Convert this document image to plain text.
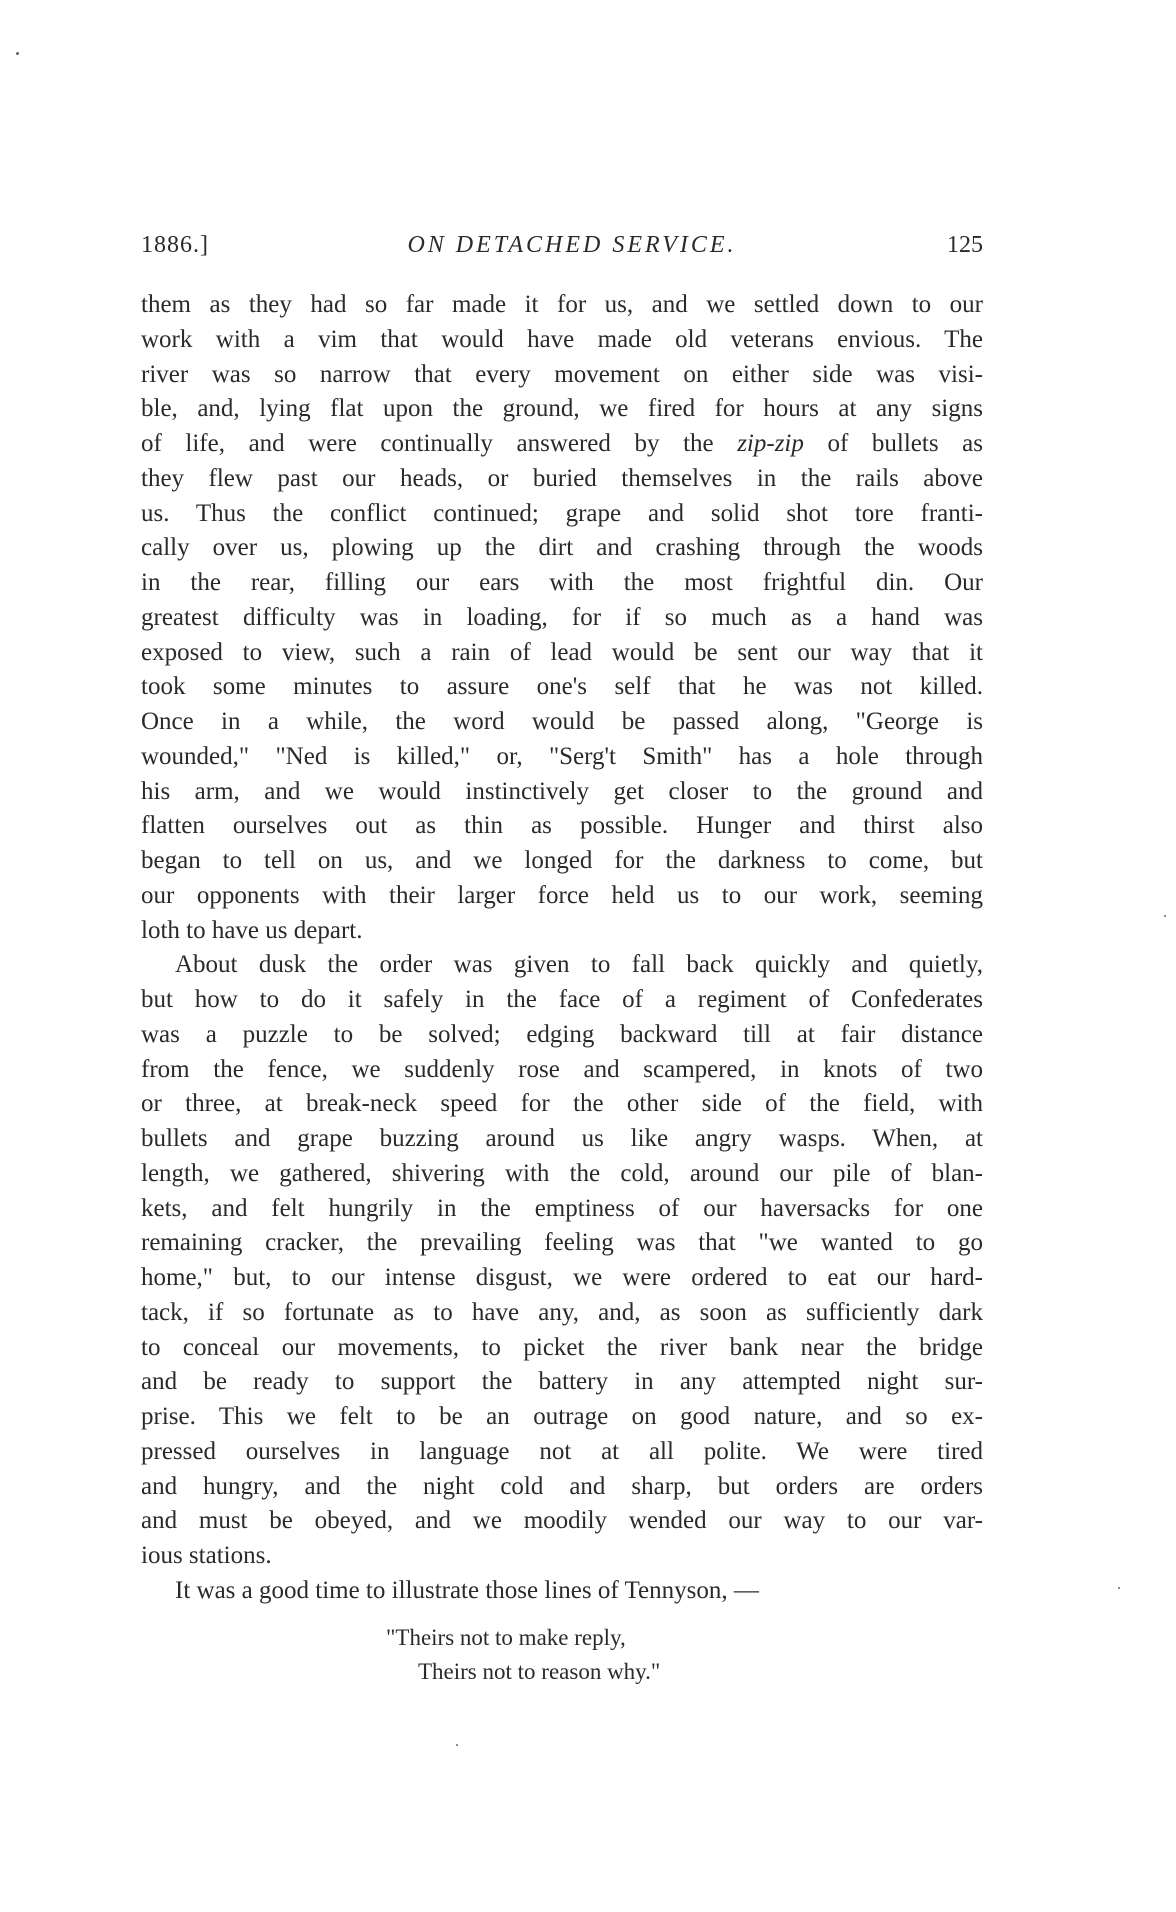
1886.]	ON DETACHED SERVICE.	125
them as they had so far made it for us, and we settled down to our
work with a vim that would have made old veterans envious. The
river was so narrow that every movement on either side was visi-
ble, and, lying flat upon the ground, we fired for hours at any signs
of life, and were continually answered by the zip-zip of bullets as
they flew past our heads, or buried themselves in the rails above
us. Thus the conflict continued; grape and solid shot tore franti-
cally over us, plowing up the dirt and crashing through the woods
in the rear, filling our ears with the most frightful din. Our
greatest difficulty was in loading, for if so much as a hand was
exposed to view, such a rain of lead would be sent our way that it
took some minutes to assure one's self that he was not killed.
Once in a while, the word would be passed along, "George is
wounded," "Ned is killed," or, "Serg't Smith" has a hole through
his arm, and we would instinctively get closer to the ground and
flatten ourselves out as thin as possible. Hunger and thirst also
began to tell on us, and we longed for the darkness to come, but
our opponents with their larger force held us to our work, seeming
loth to have us depart.
About dusk the order was given to fall back quickly and quietly,
but how to do it safely in the face of a regiment of Confederates
was a puzzle to be solved; edging backward till at fair distance
from the fence, we suddenly rose and scampered, in knots of two
or three, at break-neck speed for the other side of the field, with
bullets and grape buzzing around us like angry wasps. When, at
length, we gathered, shivering with the cold, around our pile of blan-
kets, and felt hungrily in the emptiness of our haversacks for one
remaining cracker, the prevailing feeling was that "we wanted to go
home," but, to our intense disgust, we were ordered to eat our hard-
tack, if so fortunate as to have any, and, as soon as sufficiently dark
to conceal our movements, to picket the river bank near the bridge
and be ready to support the battery in any attempted night sur-
prise. This we felt to be an outrage on good nature, and so ex-
pressed ourselves in language not at all polite. We were tired
and hungry, and the night cold and sharp, but orders are orders
and must be obeyed, and we moodily wended our way to our var-
ious stations.
It was a good time to illustrate those lines of Tennyson, —
"Theirs not to make reply,
Theirs not to reason why."
